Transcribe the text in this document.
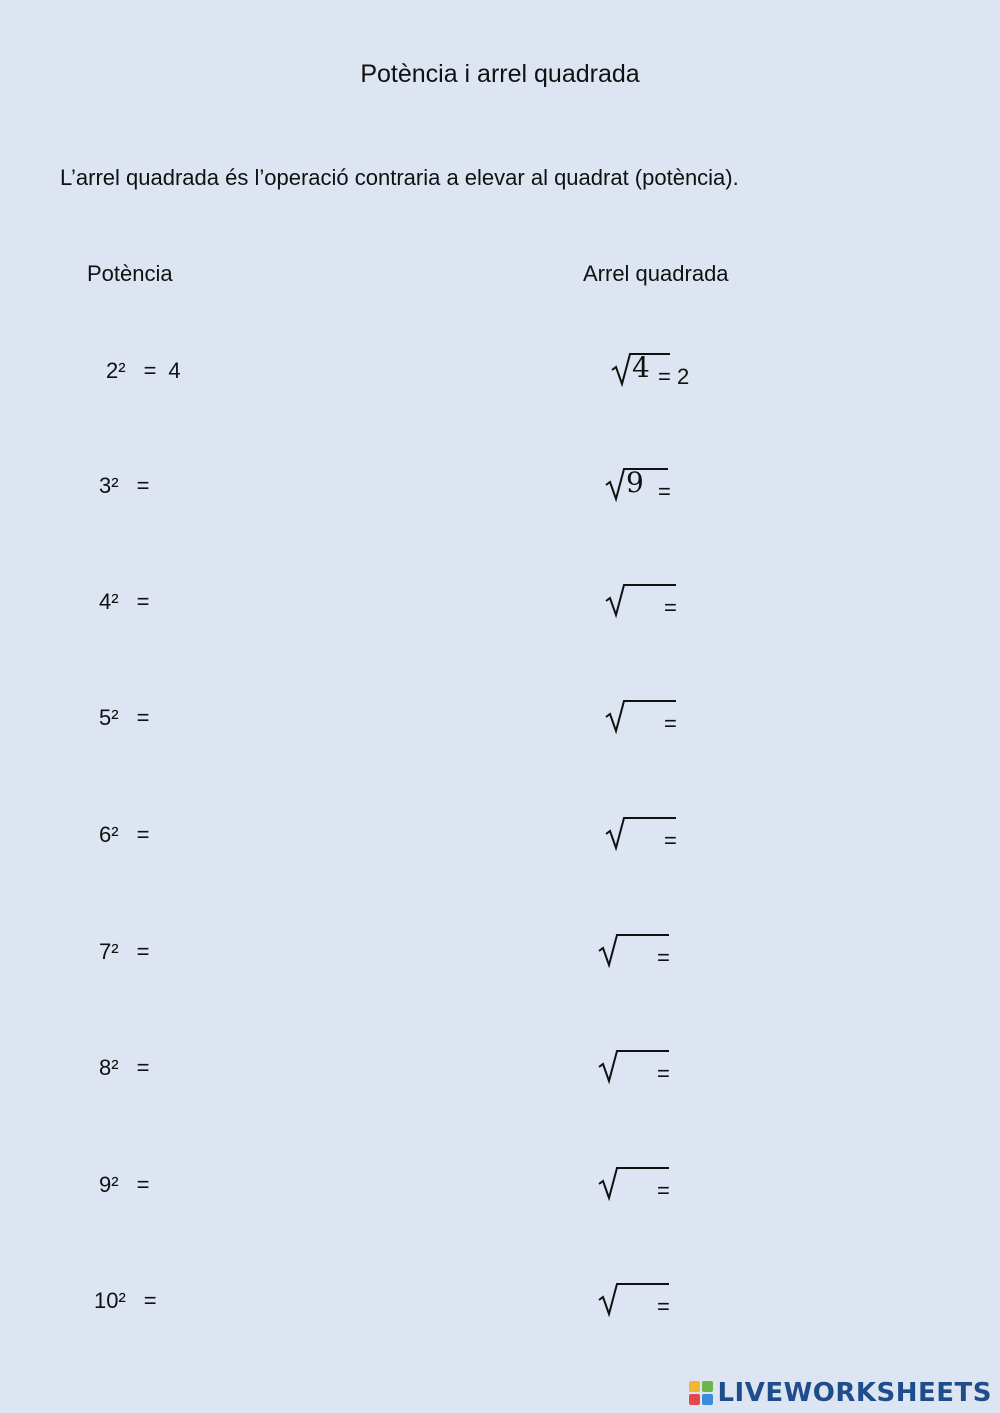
Potència i arrel quadrada
L’arrel quadrada és l’operació contraria a elevar al quadrat (potència).
Potència	Arrel quadrada
2² = 4	4 = 2
3² =	9 =
4² =	=
5² =	=
6² =	=
7² =	=
8² =	=
9² =	=
10² =	=
LIVEWORKSHEETS
